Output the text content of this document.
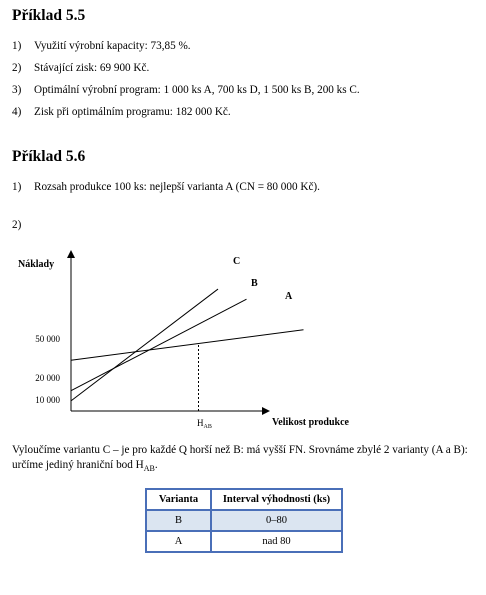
Příklad 5.5
1) Využití výrobní kapacity: 73,85 %.
2) Stávající zisk: 69 900 Kč.
3) Optimální výrobní program: 1 000 ks A, 700 ks D, 1 500 ks B, 200 ks C.
4) Zisk při optimálním programu: 182 000 Kč.
Příklad 5.6
1) Rozsah produkce 100 ks: nejlepší varianta A (CN = 80 000 Kč).
2)
Náklady
Velikost produkce
50 000
20 000
10 000
$H_{AB}$
C
B
A
Vyloučíme variantu C – je pro každé Q horší než B: má vyšší FN. Srovnáme zbylé 2 varianty (A a B): určíme jediný hraniční bod $H_{AB}$.
Varianta	Interval výhodnosti (ks)
B	0–80
A	nad 80
